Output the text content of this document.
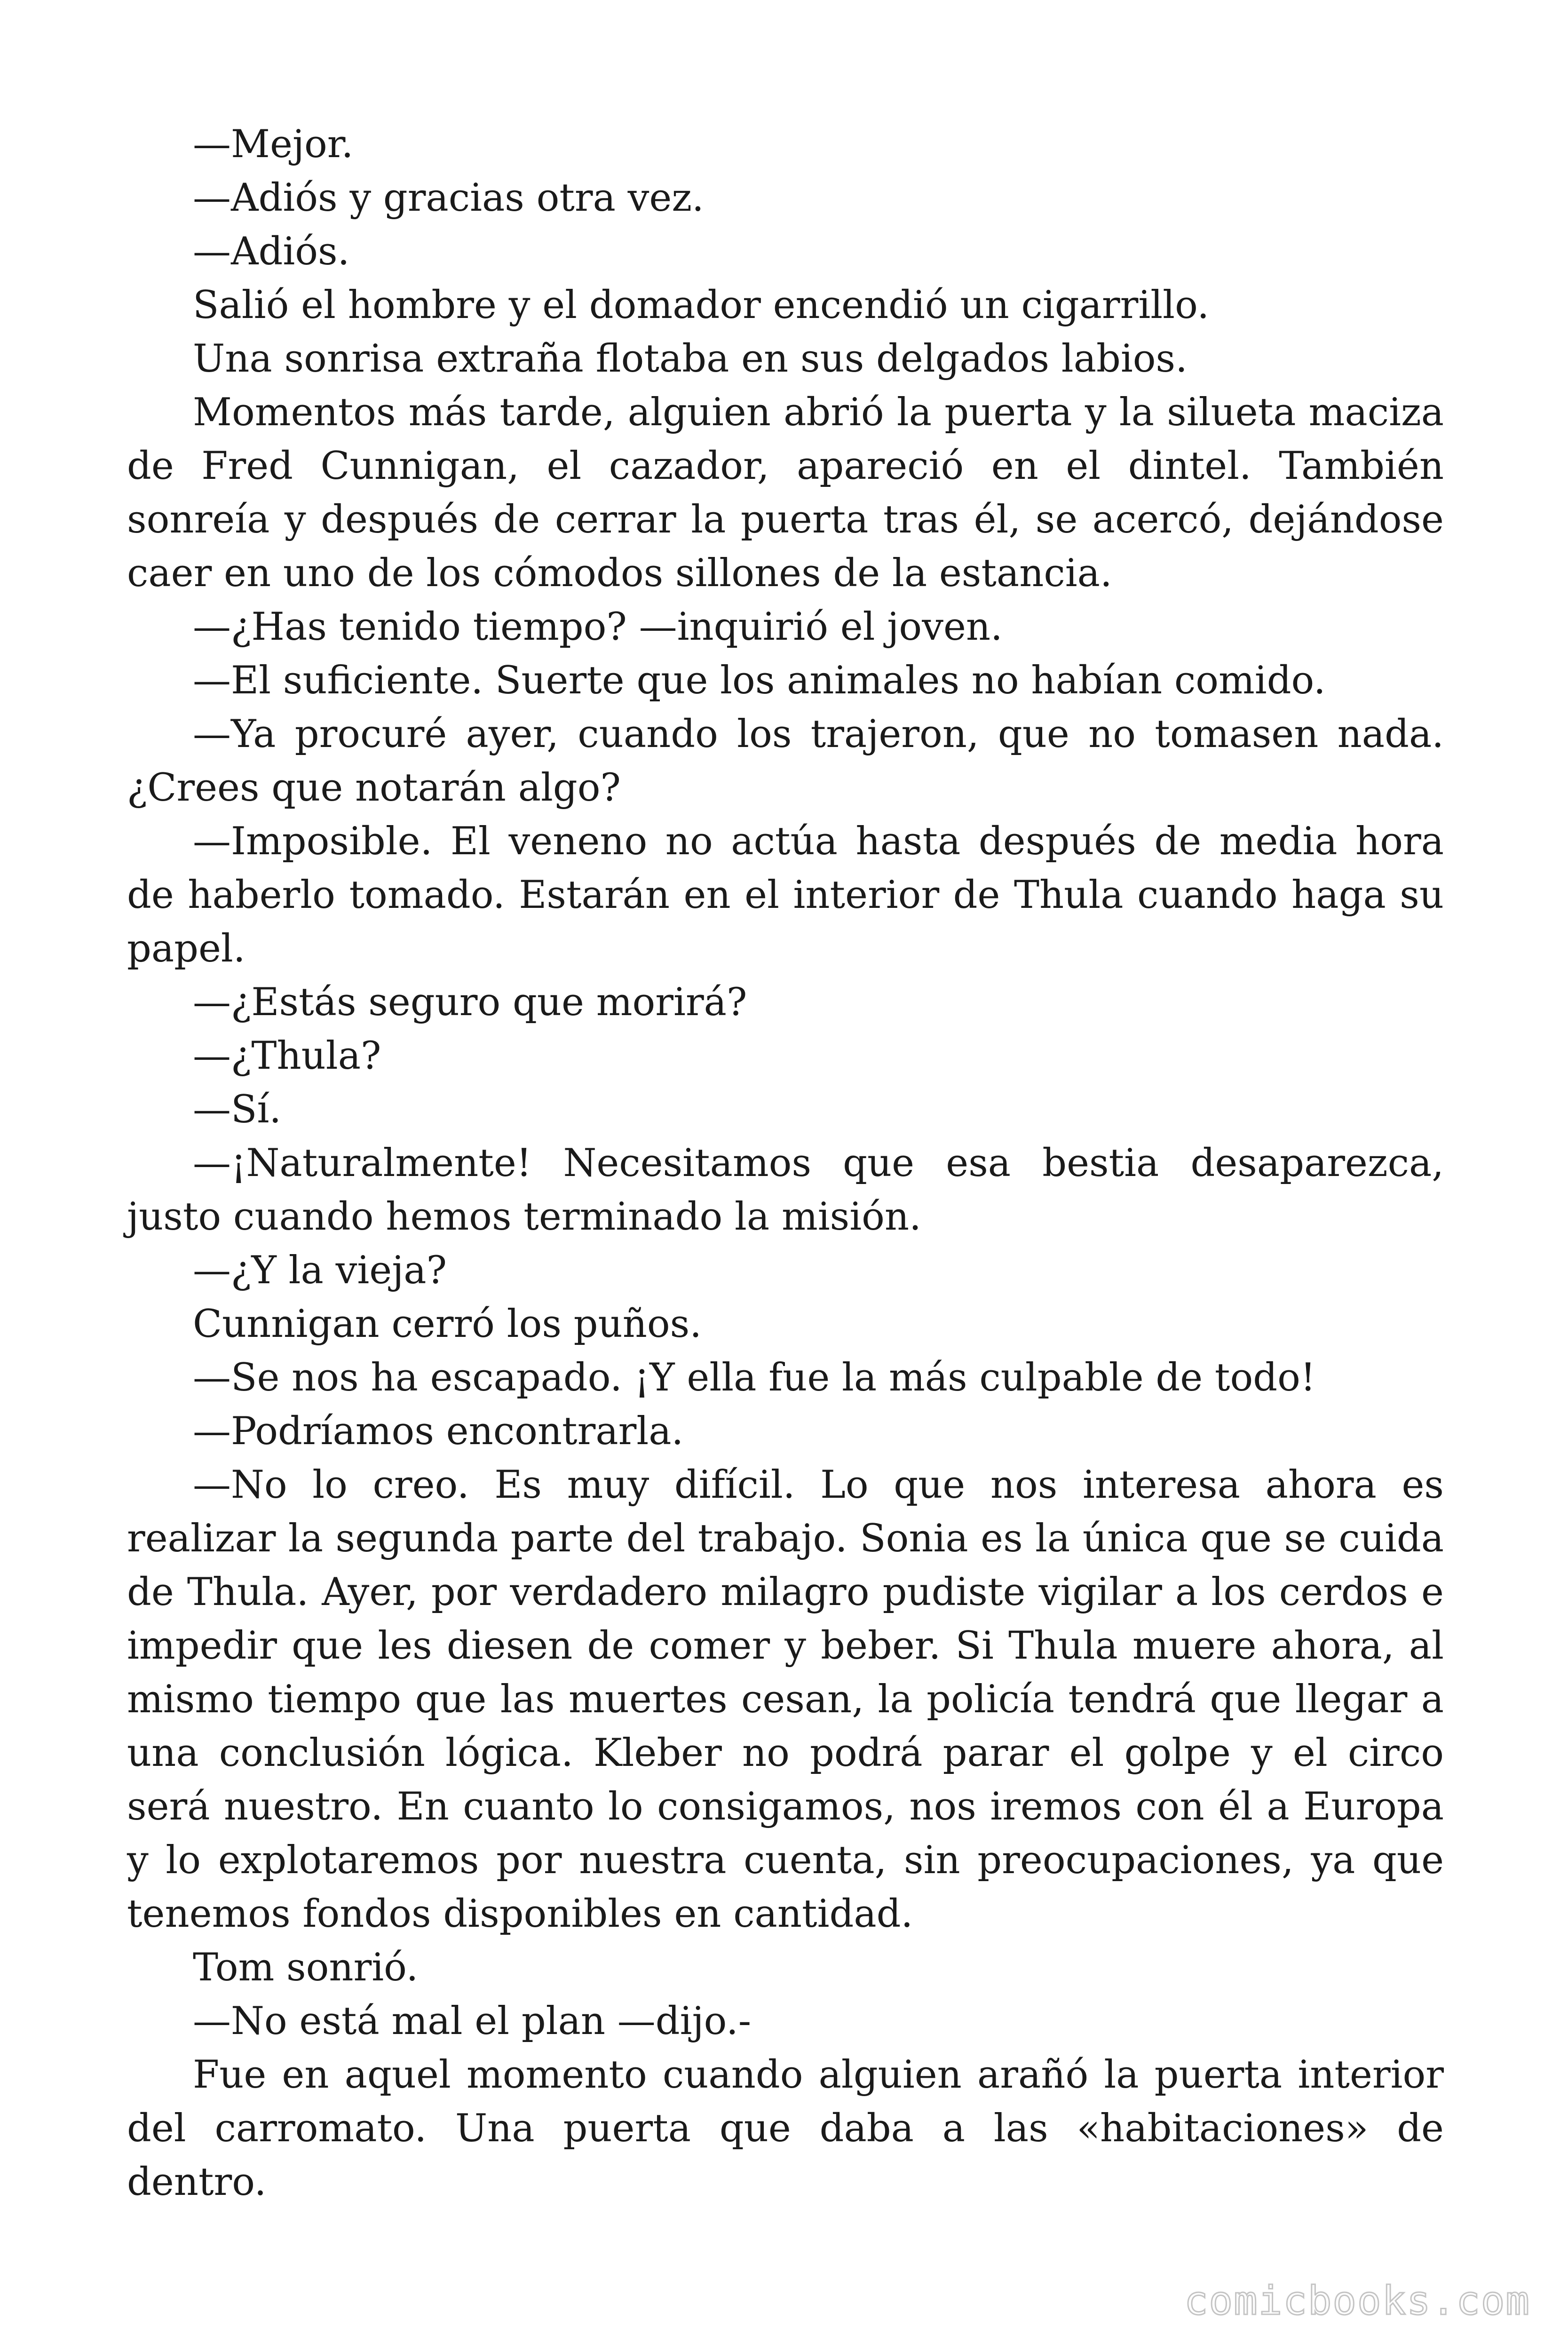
—Mejor.

—Adiós y gracias otra vez.

—Adiós.

Salió el hombre y el domador encendió un cigarrillo.

Una sonrisa extraña flotaba en sus delgados labios.

Momentos más tarde, alguien abrió la puerta y la silueta maciza de Fred Cunnigan, el cazador, apareció en el dintel. También sonreía y después de cerrar la puerta tras él, se acercó, dejándose caer en uno de los cómodos sillones de la estancia.

—¿Has tenido tiempo? —inquirió el joven.

—El suficiente. Suerte que los animales no habían comido.

—Ya procuré ayer, cuando los trajeron, que no tomasen nada. ¿Crees que notarán algo?

—Imposible. El veneno no actúa hasta después de media hora de haberlo tomado. Estarán en el interior de Thula cuando haga su papel.

—¿Estás seguro que morirá?

—¿Thula?

—Sí.

—¡Naturalmente! Necesitamos que esa bestia desaparezca, justo cuando hemos terminado la misión.

—¿Y la vieja?

Cunnigan cerró los puños.

—Se nos ha escapado. ¡Y ella fue la más culpable de todo!

—Podríamos encontrarla.

—No lo creo. Es muy difícil. Lo que nos interesa ahora es realizar la segunda parte del trabajo. Sonia es la única que se cuida de Thula. Ayer, por verdadero milagro pudiste vigilar a los cerdos e impedir que les diesen de comer y beber. Si Thula muere ahora, al mismo tiempo que las muertes cesan, la policía tendrá que llegar a una conclusión lógica. Kleber no podrá parar el golpe y el circo será nuestro. En cuanto lo consigamos, nos iremos con él a Europa y lo explotaremos por nuestra cuenta, sin preocupaciones, ya que tenemos fondos disponibles en cantidad.

Tom sonrió.

—No está mal el plan —dijo.-

Fue en aquel momento cuando alguien arañó la puerta interior del carromato. Una puerta que daba a las «habitaciones» de dentro.

comicbooks.com
